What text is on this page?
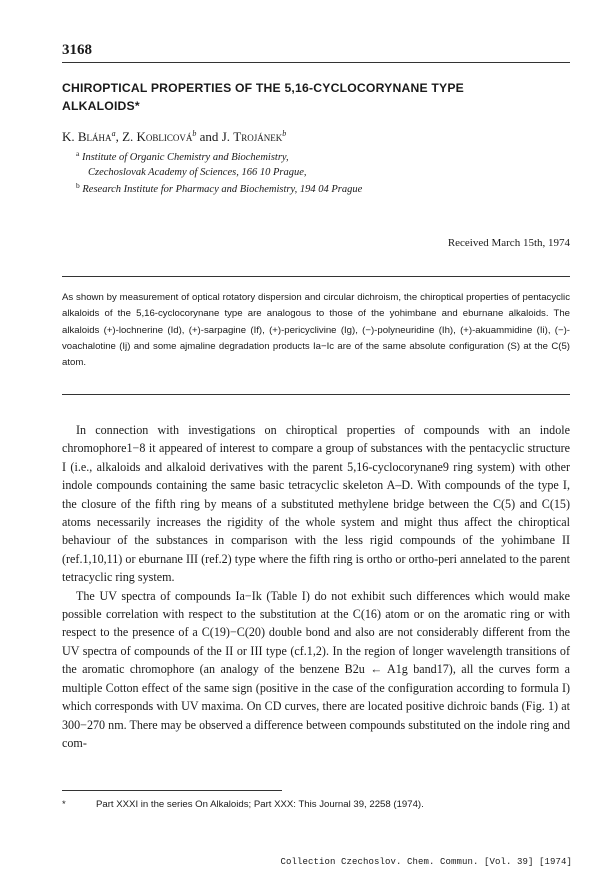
3168
CHIROPTICAL PROPERTIES OF THE 5,16-CYCLOCORYNANE TYPE
ALKALOIDS*
K. Bláha$^a$, Z. Koblicová$^b$ and J. Trojánek$^b$
$^a$ Institute of Organic Chemistry and Biochemistry,
Czechoslovak Academy of Sciences, 166 10 Prague,
$^b$ Research Institute for Pharmacy and Biochemistry, 194 04 Prague
Received March 15th, 1974
As shown by measurement of optical rotatory dispersion and circular dichroism, the chiroptical properties of pentacyclic alkaloids of the 5,16-cyclocorynane type are analogous to those of the yohimbane and eburnane alkaloids. The alkaloids (+)-lochnerine (Id), (+)-sarpagine (If), (+)-pericyclivine (Ig), (−)-polyneuridine (Ih), (+)-akuammidine (Ii), (−)-voachalotine (Ij) and some ajmaline degradation products Ia−Ic are of the same absolute configuration (S) at the C(5) atom.

In connection with investigations on chiroptical properties of compounds with an indole chromophore1−8 it appeared of interest to compare a group of substances with the pentacyclic structure I (i.e., alkaloids and alkaloid derivatives with the parent 5,16-cyclocorynane9 ring system) with other indole compounds containing the same basic tetracyclic skeleton A–D. With compounds of the type I, the closure of the fifth ring by means of a substituted methylene bridge between the C(5) and C(15) atoms necessarily increases the rigidity of the whole system and might thus affect the chiroptical behaviour of the substances in comparison with the less rigid compounds of the yohimbane II (ref.1,10,11) or eburnane III (ref.2) type where the fifth ring is ortho or ortho-peri annelated to the parent tetracyclic ring system.

The UV spectra of compounds Ia−Ik (Table I) do not exhibit such differences which would make possible correlation with respect to the substitution at the C(16) atom or on the aromatic ring or with respect to the presence of a C(19)−C(20) double bond and also are not considerably different from the UV spectra of compounds of the II or III type (cf.1,2). In the region of longer wavelength transitions of the aromatic chromophore (an analogy of the benzene B2u ← A1g band17), all the curves form a multiple Cotton effect of the same sign (positive in the case of the configuration according to formula I) which corresponds with UV maxima. On CD curves, there are located positive dichroic bands (Fig. 1) at 300−270 nm. There may be observed a difference between compounds substituted on the indole ring and com-

*	Part XXXI in the series On Alkaloids; Part XXX: This Journal 39, 2258 (1974).
Collection Czechoslov. Chem. Commun. [Vol. 39] [1974]
